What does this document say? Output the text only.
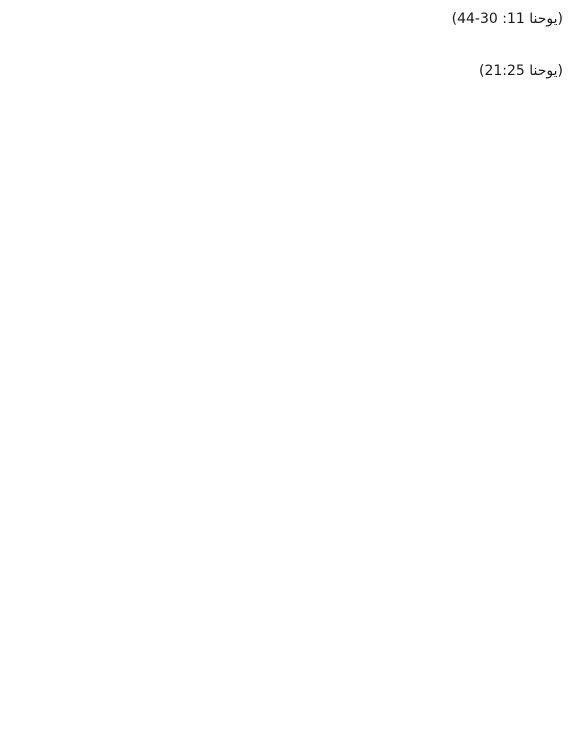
(یوحنا 11: 30-44)
(یوحنا 21:25)
